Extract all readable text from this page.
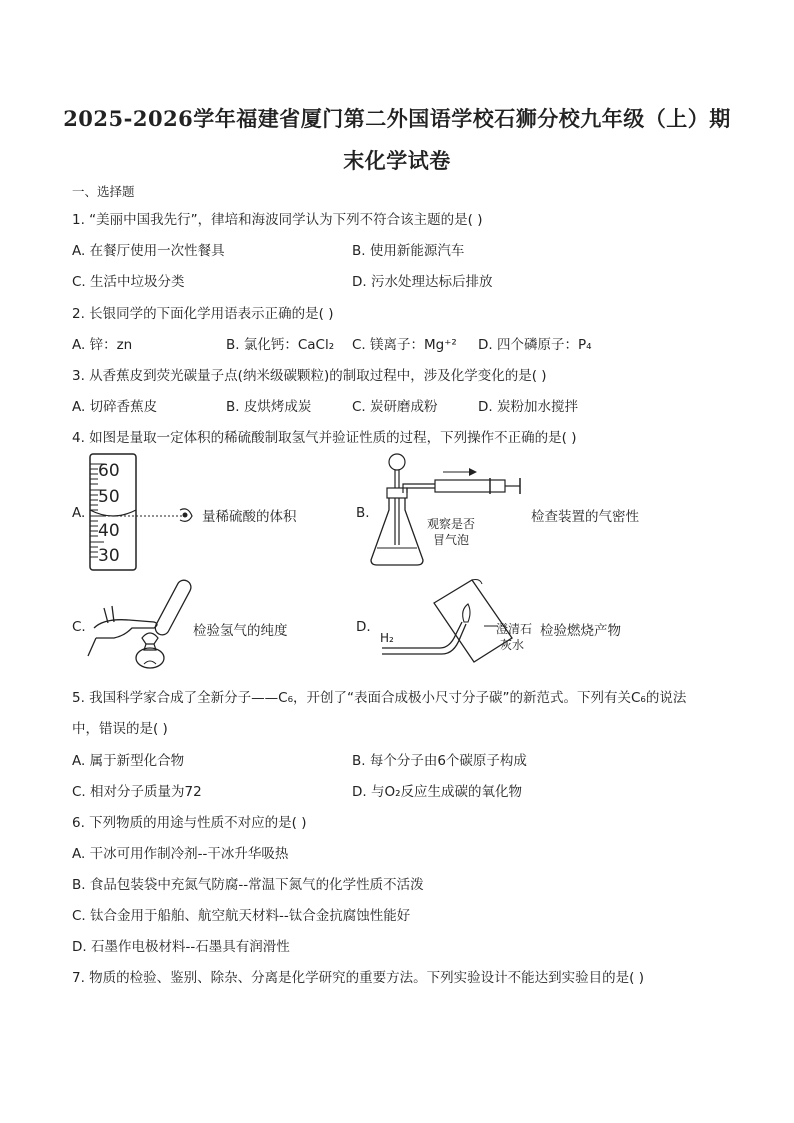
2025-2026学年福建省厦门第二外国语学校石狮分校九年级（上）期
末化学试卷
一、选择题
1. “美丽中国我先行”，律培和海波同学认为下列不符合该主题的是( )
A. 在餐厅使用一次性餐具	B. 使用新能源汽车
C. 生活中垃圾分类	D. 污水处理达标后排放
2. 长银同学的下面化学用语表示正确的是( )
A. 锌：zn	B. 氯化钙：CaCl₂ C. 镁离子：Mg⁺² D. 四个磷原子：P₄
3. 从香蕉皮到荧光碳量子点(纳米级碳颗粒)的制取过程中，涉及化学变化的是( )
A. 切碎香蕉皮	B. 皮烘烤成炭	C. 炭研磨成粉	D. 炭粉加水搅拌
4. 如图是量取一定体积的稀硫酸制取氢气并验证性质的过程，下列操作不正确的是( )
A.
60
50
40
30
量稀硫酸的体积	B.
观察是否
冒气泡
检查装置的气密性
C.	检验氢气的纯度	D.
H₂
澄清石
灰水
检验燃烧产物
5. 我国科学家合成了全新分子——C₆，开创了“表面合成极小尺寸分子碳”的新范式。下列有关C₆的说法
中，错误的是( )
A. 属于新型化合物	B. 每个分子由6个碳原子构成
C. 相对分子质量为72	D. 与O₂反应生成碳的氧化物
6. 下列物质的用途与性质不对应的是( )
A. 干冰可用作制冷剂--干冰升华吸热
B. 食品包装袋中充氮气防腐--常温下氮气的化学性质不活泼
C. 钛合金用于船舶、航空航天材料--钛合金抗腐蚀性能好
D. 石墨作电极材料--石墨具有润滑性
7. 物质的检验、鉴别、除杂、分离是化学研究的重要方法。下列实验设计不能达到实验目的是( )
